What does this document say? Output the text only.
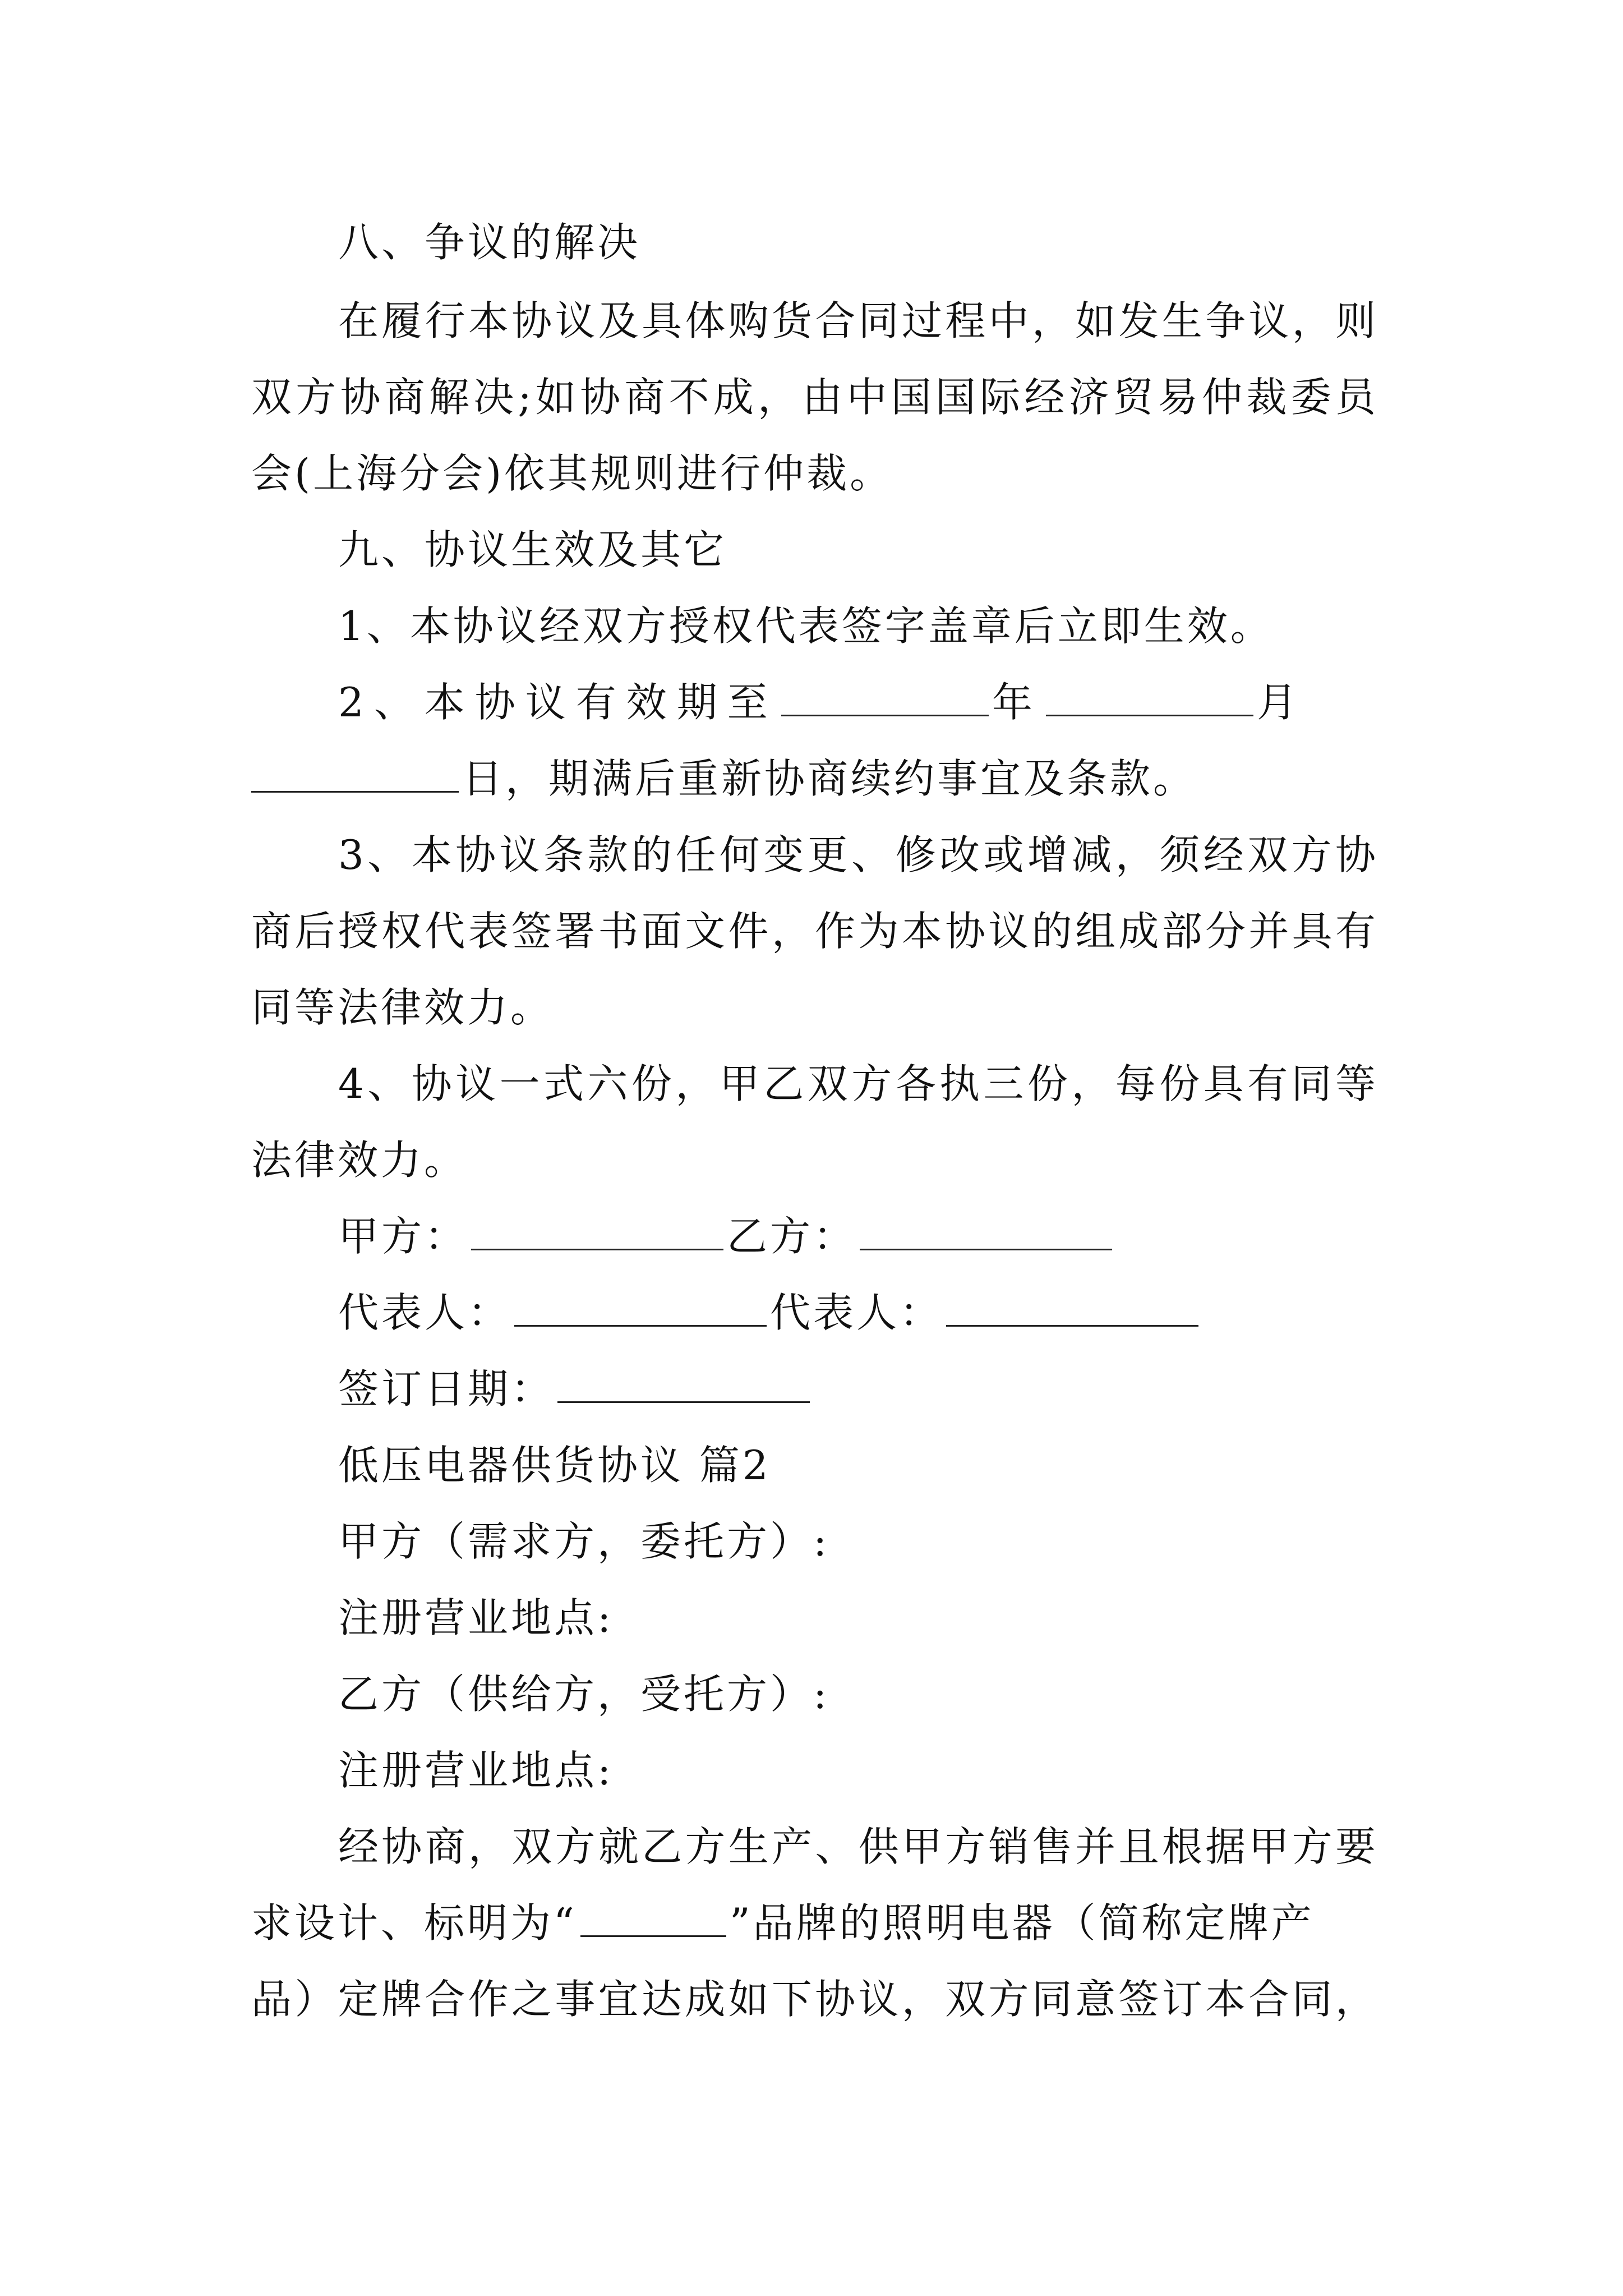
八、争议的解决
在履行本协议及具体购货合同过程中，如发生争议，则
双方协商解决;如协商不成，由中国国际经济贸易仲裁委员
会(上海分会)依其规则进行仲裁。
九、协议生效及其它
1、本协议经双方授权代表签字盖章后立即生效。
2、本协议有效期至	年	月
日，期满后重新协商续约事宜及条款。
3、本协议条款的任何变更、修改或增减，须经双方协
商后授权代表签署书面文件，作为本协议的组成部分并具有
同等法律效力。
4、协议一式六份，甲乙双方各执三份，每份具有同等
法律效力。
甲方：	乙方：
代表人：	代表人：
签订日期：
低压电器供货协议 篇2
甲方（需求方，委托方）:
注册营业地点:
乙方（供给方，受托方）:
注册营业地点:
经协商，双方就乙方生产、供甲方销售并且根据甲方要
求设计、标明为“	”品牌的照明电器（简称定牌产
品）定牌合作之事宜达成如下协议，双方同意签订本合同，
